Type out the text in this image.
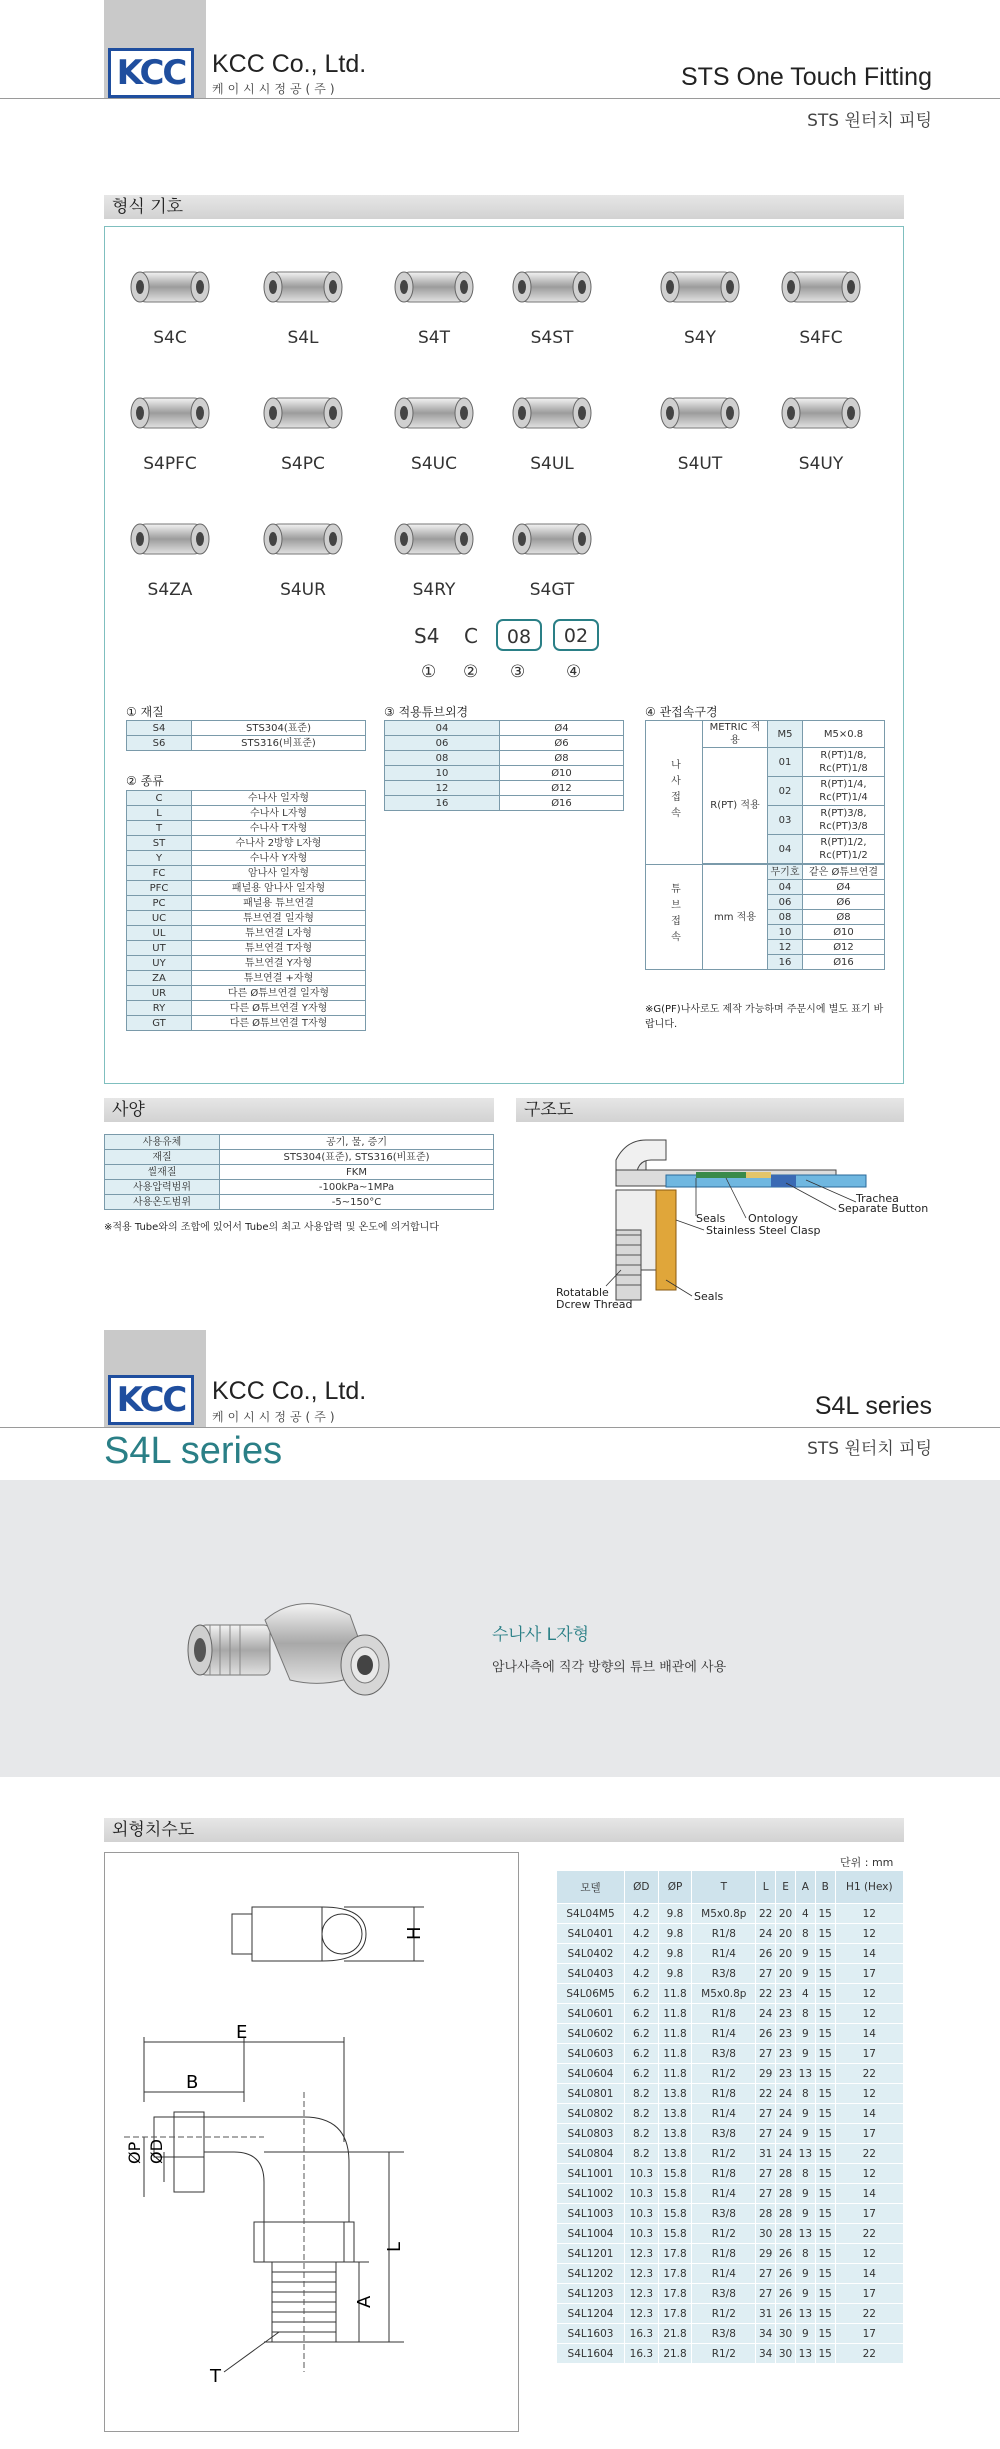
KCC KCC Co., Ltd.
케이시시정공(주)	STS One Touch Fitting
STS 원터치 피팅
형식 기호
S4C	S4L	S4T	S4ST	S4Y	S4FC
S4PFC	S4PC	S4UC	S4UL	S4UT	S4UY
S4ZA	S4UR	S4RY	S4GT
S4 C	08	02
① ② ③ ④
① 재질
S4	STS304(표준)
S6	STS316(비표준)
② 종류
C	수나사 일자형
L	수나사 L자형
T	수나사 T자형
ST	수나사 2방향 L자형
Y	수나사 Y자형
FC	암나사 일자형
PFC	패널용 암나사 일자형
PC	패널용 튜브연결
UC	튜브연결 일자형
UL	튜브연결 L자형
UT	튜브연결 T자형
UY	튜브연결 Y자형
ZA	튜브연결 +자형
UR	다른 Ø튜브연결 일자형
RY	다른 Ø튜브연결 Y자형
GT	다른 Ø튜브연결 T자형
③ 적용튜브외경
04	Ø4
06	Ø6
08	Ø8
10	Ø10
12	Ø12
16	Ø16
④ 관접속구경
나사접속	METRIC 적용	M5	M5×0.8
	R(PT) 적용	01	R(PT)1/8, Rc(PT)1/8
		02	R(PT)1/4, Rc(PT)1/4
		03	R(PT)3/8, Rc(PT)3/8
		04	R(PT)1/2, Rc(PT)1/2

튜브접속	mm 적용	무기호	같은 Ø튜브연결
		04	Ø4
		06	Ø6
		08	Ø8
		10	Ø10
		12	Ø12
		16	Ø16
※G(PF)나사로도 제작 가능하며 주문시에 별도 표기 바랍니다.
사양
사용유체	공기, 물, 증기
재질	STS304(표준), STS316(비표준)
씰재질	FKM
사용압력범위	-100kPa~1MPa
사용온도범위	-5~150°C
※적용 Tube와의 조합에 있어서 Tube의 최고 사용압력 및 온도에 의거합니다
구조도
Trachea
Separate Button
Ontology
Seals
Stainless Steel Clasp
Rotatable
Dcrew Thread
Seals
KCC KCC Co., Ltd.
케이시시정공(주)	S4L series
STS 원터치 피팅
S4L series
수나사 L자형
암나사측에 직각 방향의 튜브 배관에 사용
외형치수도
H
E
B
ØP ØD
L
A
T
단위 : mm
모델	ØD	ØP	T	L	E	A	B	H1 (Hex)
S4L04M5	4.2	9.8	M5x0.8p	22	20	4	15	12
S4L0401	4.2	9.8	R1/8	24	20	8	15	12
S4L0402	4.2	9.8	R1/4	26	20	9	15	14
S4L0403	4.2	9.8	R3/8	27	20	9	15	17
S4L06M5	6.2	11.8	M5x0.8p	22	23	4	15	12
S4L0601	6.2	11.8	R1/8	24	23	8	15	12
S4L0602	6.2	11.8	R1/4	26	23	9	15	14
S4L0603	6.2	11.8	R3/8	27	23	9	15	17
S4L0604	6.2	11.8	R1/2	29	23	13	15	22
S4L0801	8.2	13.8	R1/8	22	24	8	15	12
S4L0802	8.2	13.8	R1/4	27	24	9	15	14
S4L0803	8.2	13.8	R3/8	27	24	9	15	17
S4L0804	8.2	13.8	R1/2	31	24	13	15	22
S4L1001	10.3	15.8	R1/8	27	28	8	15	12
S4L1002	10.3	15.8	R1/4	27	28	9	15	14
S4L1003	10.3	15.8	R3/8	28	28	9	15	17
S4L1004	10.3	15.8	R1/2	30	28	13	15	22
S4L1201	12.3	17.8	R1/8	29	26	8	15	12
S4L1202	12.3	17.8	R1/4	27	26	9	15	14
S4L1203	12.3	17.8	R3/8	27	26	9	15	17
S4L1204	12.3	17.8	R1/2	31	26	13	15	22
S4L1603	16.3	21.8	R3/8	34	30	9	15	17
S4L1604	16.3	21.8	R1/2	34	30	13	15	22
